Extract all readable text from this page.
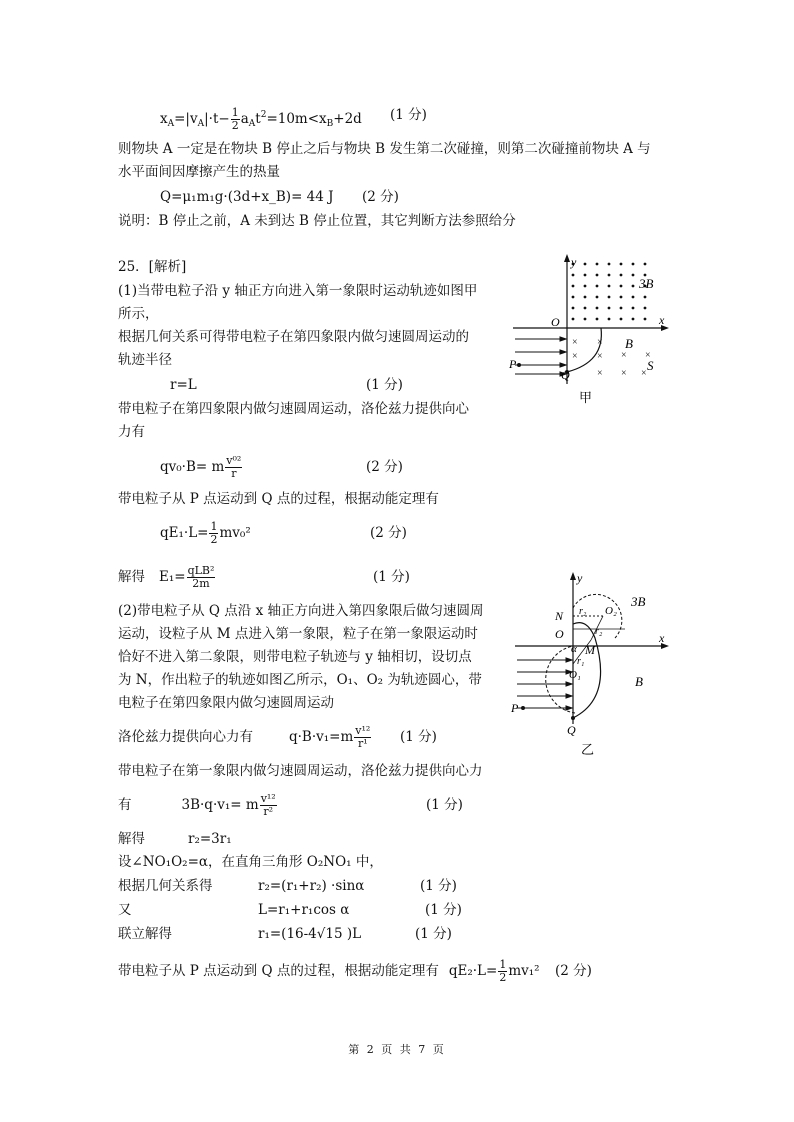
$x_A=|v_A|\cdot t- \frac{1}{2} a_At^2=10m<x_B+2d$ (1 分)
则物块 A 一定是在物块 B 停止之后与物块 B 发生第二次碰撞，则第二次碰撞前物块 A 与
水平面间因摩擦产生的热量
Q=μ₁m₁g·(3d+x_B)= 44 J (2 分)
说明：B 停止之前，A 未到达 B 停止位置，其它判断方法参照给分
25．[解析]
(1)当带电粒子沿 y 轴正方向进入第一象限时运动轨迹如图甲
所示，
根据几何关系可得带电粒子在第四象限内做匀速圆周运动的
轨迹半径
r=L	(1 分)
带电粒子在第四象限内做匀速圆周运动，洛伦兹力提供向心
力有
qv₀·B= m $\frac{\text{v⁰²}}{r}$	(2 分)
带电粒子从 P 点运动到 Q 点的过程，根据动能定理有
$qE_1\cdot L= \frac{1}{2} mv_0^2$	(2 分)
解得 $E_1= \frac{\text{qLB²}}{2m}$	(1 分)
(2)带电粒子从 Q 点沿 x 轴正方向进入第四象限后做匀速圆周
运动，设粒子从 M 点进入第一象限，粒子在第一象限运动时
恰好不进入第二象限，则带电粒子轨迹与 y 轴相切，设切点
为 N，作出粒子的轨迹如图乙所示，O₁、O₂ 为轨迹圆心，带
电粒子在第四象限内做匀速圆周运动
洛伦兹力提供向心力有	$q\cdot B\cdot v_1=m \frac{\text{v¹²}}{\text{r¹}} (1$ 分)
带电粒子在第一象限内做匀速圆周运动，洛伦兹力提供向心力
有	3B·q·v₁= m $\frac{\text{v¹²}}{\text{r²}}$	(1 分)
解得	r₂=3r₁
设∠NO₁O₂=α，在直角三角形 O₂NO₁ 中，
根据几何关系得	r₂=(r₁+r₂) ·sinα	(1 分)
又	L=r₁+r₁cos α	(1 分)
联立解得	r₁=(16-4√15 )L	(1 分)
带电粒子从 P 点运动到 Q 点的过程，根据动能定理有 $qE_2\cdot L= \frac{1}{2} mv_1^2$ (2 分)
× ×
× ×
× ×
× × ×
y
x
O
P
Q
3B
B
S
甲
y
x
N
O
O₂
r₂
r₂
α M
r₁
O₁
3B
B
P
Q
乙
第 2 页 共 7 页
